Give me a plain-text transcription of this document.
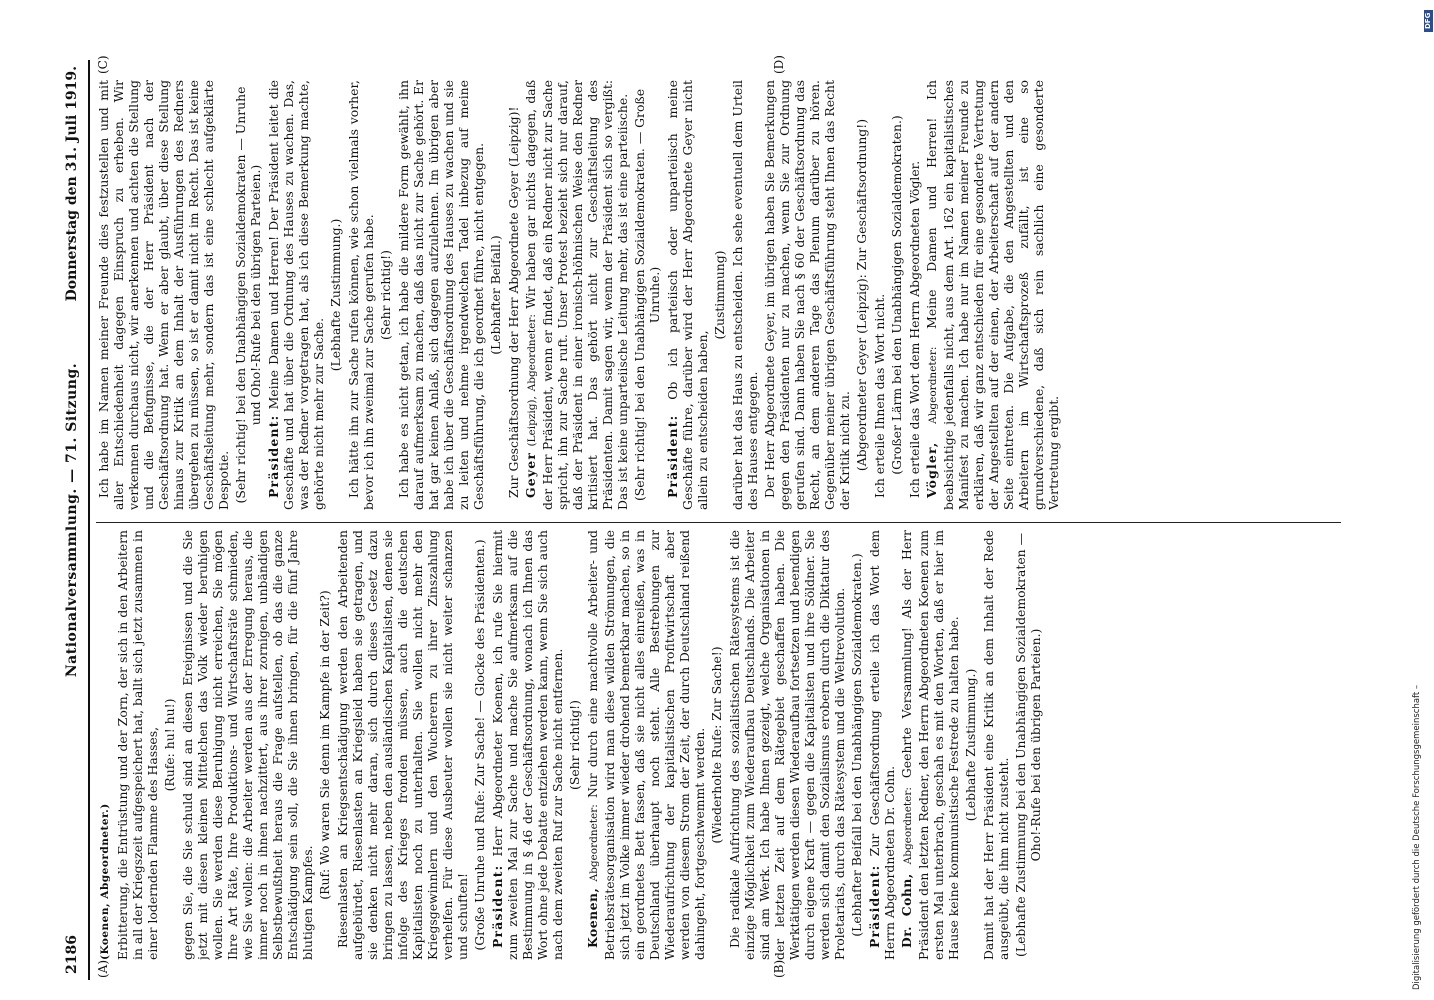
2186
Nationalversammlung. — 71. Sitzung.
Donnerstag den 31. Juli 1919.
(A)	(B)
(C)	(D)

(Koenen, Abgeordneter.) Erbitterung, die Entrüstung und der Zorn, der sich in den Arbeitern in all der Kriegszeit aufgespeichert hat, ballt sich jetzt zusammen in einer lodernden Flamme des Hasses, (Rufe: hu! hu!) gegen Sie, die Sie schuld sind an diesen Ereignissen und die Sie jetzt mit diesen kleinen Mittelchen das Volk wieder beruhigen wollen. Sie werden diese Beruhigung nicht erreichen, Sie mögen Ihre Art Räte, Ihre Produktions- und Wirtschaftsräte schmieden, wie Sie wollen: die Arbeiter werden aus der Erregung heraus, die immer noch in ihnen nachzittert, aus ihrer zornigen, unbändigen Selbstbewußtheit heraus die Frage aufstellen, ob das die ganze Entschädigung sein soll, die Sie ihnen bringen, für die fünf Jahre blutigen Kampfes.

(Ruf: Wo waren Sie denn im Kampfe in der Zeit?) Riesenlasten an Kriegsentschädigung werden den Arbeitenden aufgebürdet, Riesenlasten an Kriegsleid haben sie getragen, und sie denken nicht mehr daran, sich durch dieses Gesetz dazu bringen zu lassen, neben den ausländischen Kapitalisten, denen sie infolge des Krieges fronden müssen, auch die deutschen Kapitalisten noch zu unterhalten. Sie wollen nicht mehr den Kriegsgewinnlern und den Wucherern zu ihrer Zinszahlung verhelfen. Für diese Ausbeuter wollen sie nicht weiter schanzen und schuften! (Große Unruhe und Rufe: Zur Sache! — Glocke des Präsidenten.) Präsident: Herr Abgeordneter Koenen, ich rufe Sie hiermit zum zweiten Mal zur Sache und mache Sie aufmerksam auf die Bestimmung in § 46 der Geschäftsordnung, wonach ich Ihnen das Wort ohne jede Debatte entziehen werden kann, wenn Sie sich auch nach dem zweiten Ruf zur Sache nicht entfernen. (Sehr richtig!)

Koenen, Abgeordneter: Nur durch eine machtvolle Arbeiter- und Betriebsrätesorganisation wird man diese wilden Strömungen, die sich jetzt im Volke immer wieder drohend bemerkbar machen, so in ein geordnetes Bett fassen, daß sie nicht alles einreißen, was in Deutschland überhaupt noch steht. Alle Bestrebungen zur Wiederaufrichtung der kapitalistischen Profitwirtschaft aber werden von diesem Strom der Zeit, der durch Deutschland reißend dahingeht, fortgeschwemmt werden. (Wiederholte Rufe: Zur Sache!) Die radikale Aufrichtung des sozialistischen Rätesystems ist die einzige Möglichkeit zum Wiederaufbau Deutschlands. Die Arbeiter sind am Werk. Ich habe Ihnen gezeigt, welche Organisationen in der letzten Zeit auf dem Rätegebiet geschaffen haben. Die Werktätigen werden diesen Wiederaufbau fortsetzen und beendigen durch eigene Kraft — gegen die Kapitalisten und ihre Söldner. Sie werden sich damit den Sozialismus erobern durch die Diktatur des Proletariats, durch das Rätesystem und die Weltrevolution. (Lebhafter Beifall bei den Unabhängigen Sozialdemokraten.) Präsident: Zur Geschäftsordnung erteile ich das Wort dem Herrn Abgeordneten Dr. Cohn. Dr. Cohn, Abgeordneter: Geehrte Versammlung! Als der Herr Präsident den letzten Redner, den Herrn Abgeordneten Koenen zum ersten Mal unterbrach, geschah es mit den Worten, daß er hier im Hause keine kommunistische Festrede zu halten habe. (Lebhafte Zustimmung.) Damit hat der Herr Präsident eine Kritik an dem Inhalt der Rede ausgeübt, die ihm nicht zusteht. (Lebhafte Zustimmung bei den Unabhängigen Sozialdemokraten — Oho!-Rufe bei den übrigen Parteien.)

Ich habe im Namen meiner Freunde dies festzustellen und mit aller Entschiedenheit dagegen Einspruch zu erheben. Wir verkennen durchaus nicht, wir anerkennen und achten die Stellung und die Befugnisse, die der Herr Präsident nach der Geschäftsordnung hat. Wenn er aber glaubt, über diese Stellung hinaus zur Kritik an dem Inhalt der Ausführungen des Redners übergehen zu müssen, so ist er damit nicht im Recht. Das ist keine Geschäftsleitung mehr, sondern das ist eine schlecht aufgeklärte Despotie. (Sehr richtig! bei den Unabhängigen Sozialdemokraten — Unruhe und Oho!-Rufe bei den übrigen Parteien.)

Präsident: Meine Damen und Herren! Der Präsident leitet die Geschäfte und hat über die Ordnung des Hauses zu wachen. Das, was der Redner vorgetragen hat, als ich diese Bemerkung machte, gehörte nicht mehr zur Sache.

(Lebhafte Zustimmung.) Ich hätte ihn zur Sache rufen können, wie schon vielmals vorher, bevor ich ihn zweimal zur Sache gerufen habe. (Sehr richtig!) Ich habe es nicht getan, ich habe die mildere Form gewählt, ihn darauf aufmerksam zu machen, daß das nicht zur Sache gehört. Er hat gar keinen Anlaß, sich dagegen aufzulehnen. Im übrigen aber habe ich über die Geschäftsordnung des Hauses zu wachen und sie zu leiten und nehme irgendwelchen Tadel inbezug auf meine Geschäftsführung, die ich geordnet führe, nicht entgegen. (Lebhafter Beifall.) Zur Geschäftsordnung der Herr Abgeordnete Geyer (Leipzig)! Geyer (Leipzig), Abgeordneter: Wir haben gar nichts dagegen, daß der Herr Präsident, wenn er findet, daß ein Redner nicht zur Sache spricht, ihn zur Sache ruft. Unser Protest bezieht sich nur darauf, daß der Präsident in einer ironisch-höhnischen Weise den Redner kritisiert hat. Das gehört nicht zur Geschäftsleitung des Präsidenten. Damit sagen wir, wenn der Präsident sich so vergißt: Das ist keine unparteiische Leitung mehr, das ist eine parteiische. (Sehr richtig! bei den Unabhängigen Sozialdemokraten. — Große Unruhe.)

Präsident: Ob ich parteiisch oder unparteiisch meine Geschäfte führe, darüber wird der Herr Abgeordnete Geyer nicht allein zu entscheiden haben,

(Zustimmung) darüber hat das Haus zu entscheiden. Ich sehe eventuell dem Urteil des Hauses entgegen. Der Herr Abgeordnete Geyer, im übrigen haben Sie Bemerkungen gegen den Präsidenten nur zu machen, wenn Sie zur Ordnung gerufen sind. Dann haben Sie nach § 60 der Geschäftsordnung das Recht, an dem anderen Tage das Plenum darüber zu hören. Gegenüber meiner übrigen Geschäftsführung steht Ihnen das Recht der Kritik nicht zu. (Abgeordneter Geyer (Leipzig): Zur Geschäftsordnung!) Ich erteile Ihnen das Wort nicht. (Großer Lärm bei den Unabhängigen Sozialdemokraten.) Ich erteile das Wort dem Herrn Abgeordneten Vögler. Vögler, Abgeordneter: Meine Damen und Herren! Ich beabsichtige jedenfalls nicht, aus dem Art. 162 ein kapitalistisches Manifest zu machen. Ich habe nur im Namen meiner Freunde zu erklären, daß wir ganz entschieden für eine gesonderte Vertretung der Angestellten auf der einen, der Arbeiterschaft auf der andern Seite eintreten. Die Aufgabe, die den Angestellten und den Arbeitern im Wirtschaftsprozeß zufällt, ist eine so grundverschiedene, daß sich rein sachlich eine gesonderte Vertretung ergibt.

Digitalisierung gefördert durch die Deutsche Forschungsgemeinschaft –
DFG
